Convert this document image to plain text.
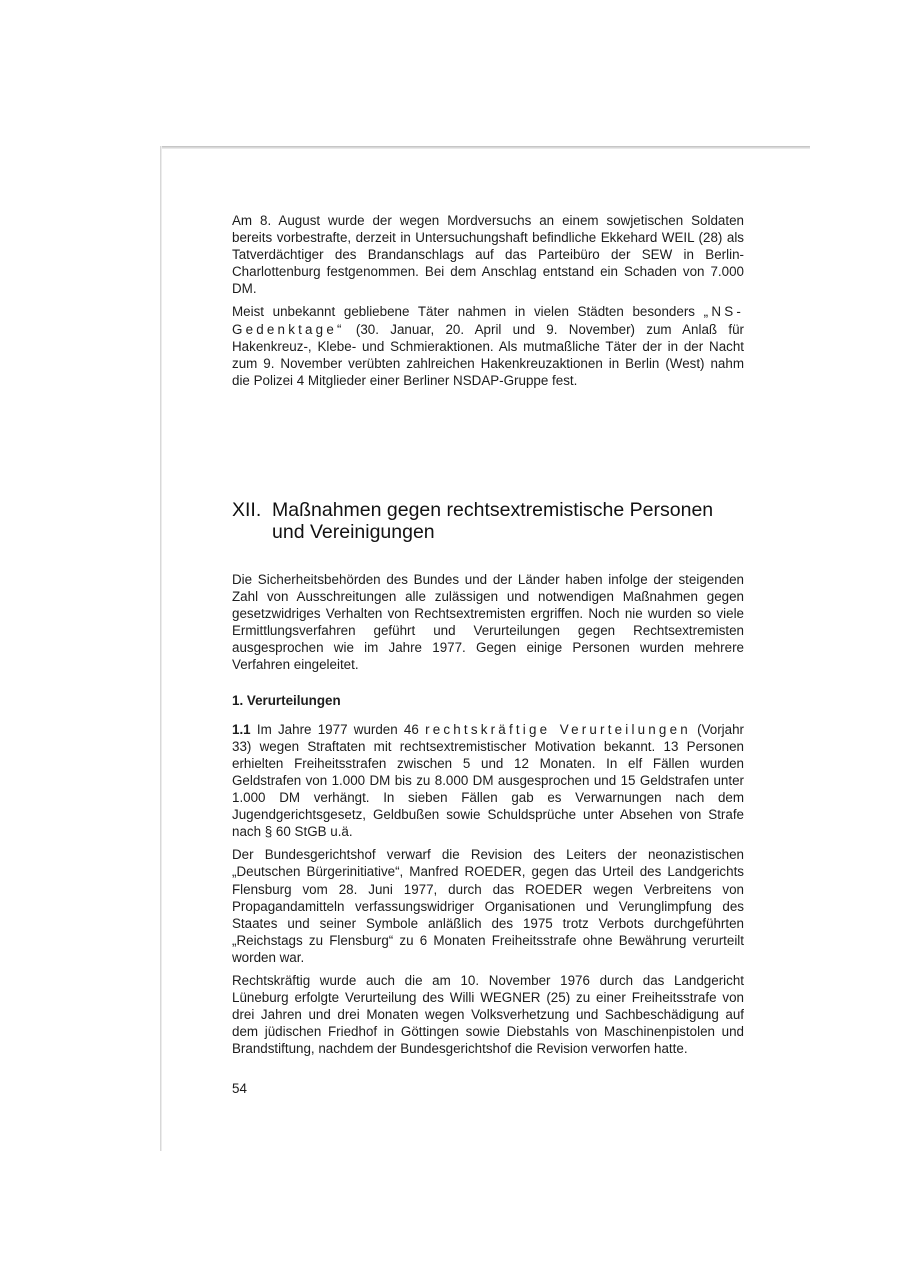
Am 8. August wurde der wegen Mordversuchs an einem sowjetischen Soldaten bereits vorbestrafte, derzeit in Untersuchungshaft befindliche Ekkehard WEIL (28) als Tatverdächtiger des Brandanschlags auf das Parteibüro der SEW in Berlin-Charlottenburg festgenommen. Bei dem Anschlag entstand ein Schaden von 7.000 DM.

Meist unbekannt gebliebene Täter nahmen in vielen Städten besonders „NS-Gedenktage“ (30. Januar, 20. April und 9. November) zum Anlaß für Hakenkreuz-, Klebe- und Schmieraktionen. Als mutmaßliche Täter der in der Nacht zum 9. November verübten zahlreichen Hakenkreuzaktionen in Berlin (West) nahm die Polizei 4 Mitglieder einer Berliner NSDAP-Gruppe fest.

XII. Maßnahmen gegen rechtsextremistische Personen
und Vereinigungen

Die Sicherheitsbehörden des Bundes und der Länder haben infolge der steigenden Zahl von Ausschreitungen alle zulässigen und notwendigen Maßnahmen gegen gesetzwidriges Verhalten von Rechtsextremisten ergriffen. Noch nie wurden so viele Ermittlungsverfahren geführt und Verurteilungen gegen Rechtsextremisten ausgesprochen wie im Jahre 1977. Gegen einige Personen wurden mehrere Verfahren eingeleitet.

1. Verurteilungen

1.1 Im Jahre 1977 wurden 46 rechtskräftige Verurteilungen (Vorjahr 33) wegen Straftaten mit rechtsextremistischer Motivation bekannt. 13 Personen erhielten Freiheitsstrafen zwischen 5 und 12 Monaten. In elf Fällen wurden Geldstrafen von 1.000 DM bis zu 8.000 DM ausgesprochen und 15 Geldstrafen unter 1.000 DM verhängt. In sieben Fällen gab es Verwarnungen nach dem Jugendgerichtsgesetz, Geldbußen sowie Schuldsprüche unter Absehen von Strafe nach § 60 StGB u.ä.

Der Bundesgerichtshof verwarf die Revision des Leiters der neonazistischen „Deutschen Bürgerinitiative“, Manfred ROEDER, gegen das Urteil des Landgerichts Flensburg vom 28. Juni 1977, durch das ROEDER wegen Verbreitens von Propagandamitteln verfassungswidriger Organisationen und Verunglimpfung des Staates und seiner Symbole anläßlich des 1975 trotz Verbots durchgeführten „Reichstags zu Flensburg“ zu 6 Monaten Freiheitsstrafe ohne Bewährung verurteilt worden war.

Rechtskräftig wurde auch die am 10. November 1976 durch das Landgericht Lüneburg erfolgte Verurteilung des Willi WEGNER (25) zu einer Freiheitsstrafe von drei Jahren und drei Monaten wegen Volksverhetzung und Sachbeschädigung auf dem jüdischen Friedhof in Göttingen sowie Diebstahls von Maschinenpistolen und Brandstiftung, nachdem der Bundesgerichtshof die Revision verworfen hatte.

54
